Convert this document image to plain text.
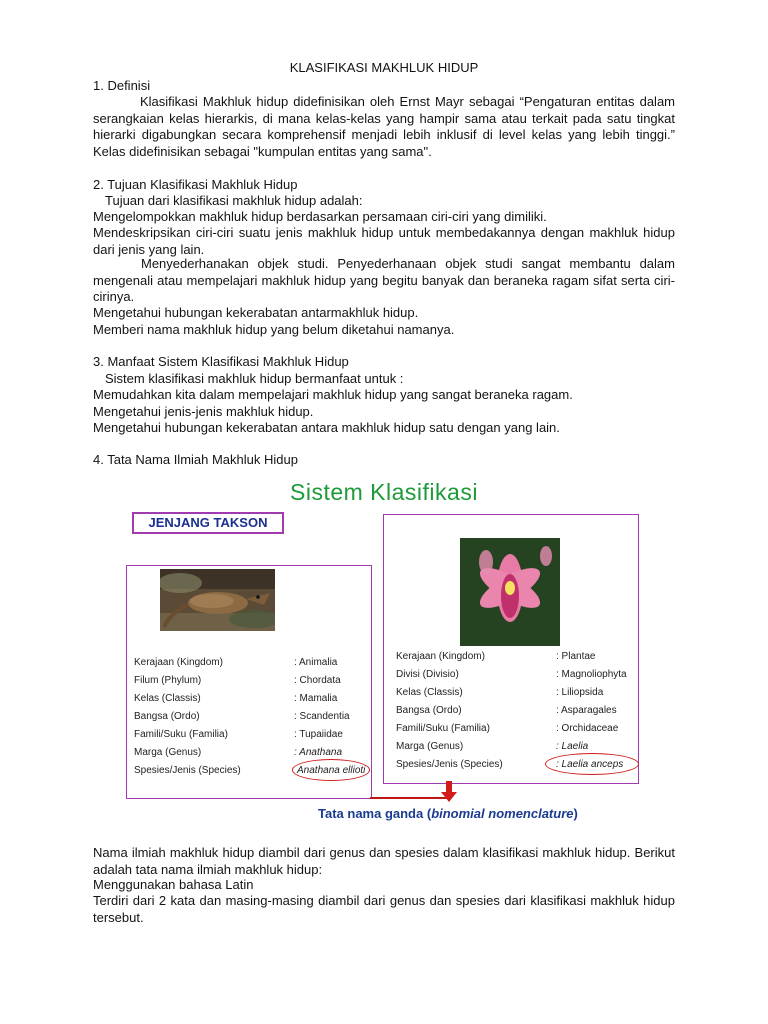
KLASIFIKASI MAKHLUK HIDUP
1. Definisi
Klasifikasi Makhluk hidup didefinisikan oleh Ernst Mayr sebagai “Pengaturan entitas dalam serangkaian kelas hierarkis, di mana kelas-kelas yang hampir sama atau terkait pada satu tingkat hierarki digabungkan secara komprehensif menjadi lebih inklusif di level kelas yang lebih tinggi.” Kelas didefinisikan sebagai "kumpulan entitas yang sama".
2. Tujuan Klasifikasi Makhluk Hidup
Tujuan dari klasifikasi makhluk hidup adalah:
Mengelompokkan makhluk hidup berdasarkan persamaan ciri-ciri yang dimiliki.
Mendeskripsikan ciri-ciri suatu jenis makhluk hidup untuk membedakannya dengan makhluk hidup dari jenis yang lain.
Menyederhanakan objek studi. Penyederhanaan objek studi sangat membantu dalam mengenali atau mempelajari makhluk hidup yang begitu banyak dan beraneka ragam sifat serta ciri-cirinya.
Mengetahui hubungan kekerabatan antarmakhluk hidup.
Memberi nama makhluk hidup yang belum diketahui namanya.
3. Manfaat Sistem Klasifikasi Makhluk Hidup
Sistem klasifikasi makhluk hidup bermanfaat untuk :
Memudahkan kita dalam mempelajari makhluk hidup yang sangat beraneka ragam.
Mengetahui jenis-jenis makhluk hidup.
Mengetahui hubungan kekerabatan antara makhluk hidup satu dengan yang lain.
4. Tata Nama Ilmiah Makhluk Hidup
Sistem Klasifikasi
JENJANG TAKSON
Kerajaan (Kingdom)	: Animalia
Filum (Phylum)	: Chordata
Kelas (Classis)	: Mamalia
Bangsa (Ordo)	: Scandentia
Famili/Suku (Familia)	: Tupaiidae
Marga (Genus)	: Anathana
Spesies/Jenis (Species)	Anathana ellioti
Kerajaan (Kingdom)	: Plantae
Divisi (Divisio)	: Magnoliophyta
Kelas (Classis)	: Liliopsida
Bangsa (Ordo)	: Asparagales
Famili/Suku (Familia)	: Orchidaceae
Marga (Genus)	: Laelia
Spesies/Jenis (Species)	: Laelia anceps
Tata nama ganda (binomial nomenclature)
Nama ilmiah makhluk hidup diambil dari genus dan spesies dalam klasifikasi makhluk hidup. Berikut adalah tata nama ilmiah makhluk hidup:
Menggunakan bahasa Latin
Terdiri dari 2 kata dan masing-masing diambil dari genus dan spesies dari klasifikasi makhluk hidup tersebut.
